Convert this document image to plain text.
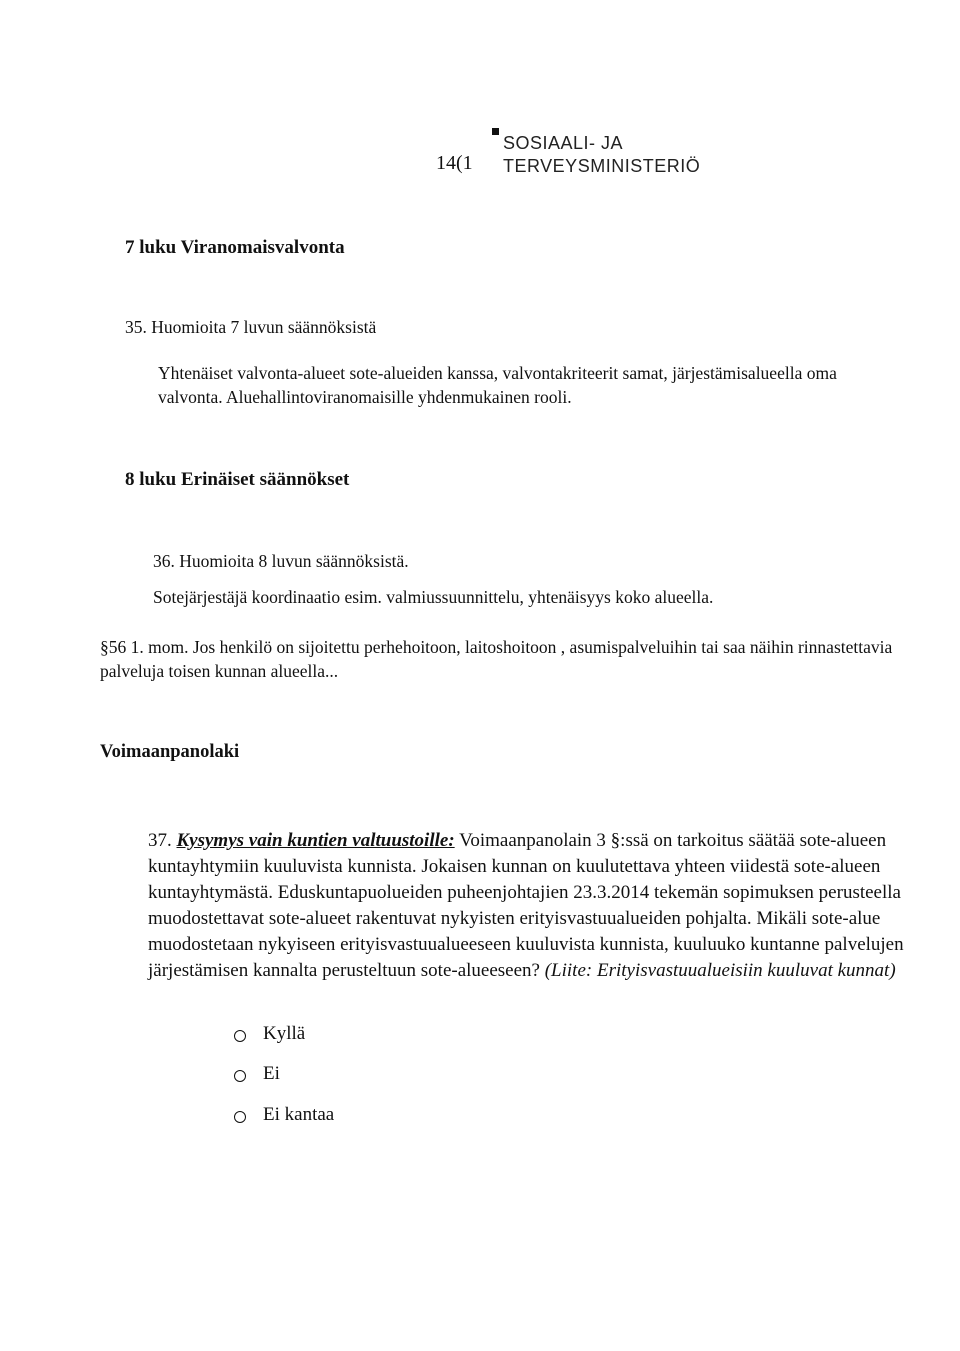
SOSIAALI- JA
14(1 TERVEYSMINISTERIÖ
7 luku Viranomaisvalvonta
35. Huomioita 7 luvun säännöksistä
Yhtenäiset valvonta-alueet sote-alueiden kanssa, valvontakriteerit samat, järjestämisalueella oma valvonta. Aluehallintoviranomaisille yhdenmukainen rooli.
8 luku Erinäiset säännökset
36. Huomioita 8 luvun säännöksistä.
Sotejärjestäjä koordinaatio esim. valmiussuunnittelu, yhtenäisyys koko alueella.
§56 1. mom. Jos henkilö on sijoitettu perhehoitoon, laitoshoitoon , asumispalveluihin tai saa näihin rinnastettavia palveluja toisen kunnan alueella...
Voimaanpanolaki
37. Kysymys vain kuntien valtuustoille: Voimaanpanolain 3 §:ssä on tarkoitus säätää sote-alueen kuntayhtymiin kuuluvista kunnista. Jokaisen kunnan on kuulutettava yhteen viidestä sote-alueen kuntayhtymästä. Eduskuntapuolueiden puheenjohtajien 23.3.2014 tekemän sopimuksen perusteella muodostettavat sote-alueet rakentuvat nykyisten erityisvastuualueiden pohjalta. Mikäli sote-alue muodostetaan nykyiseen erityisvastuualueeseen kuuluvista kunnista, kuuluuko kuntanne palvelujen järjestämisen kannalta perusteltuun sote-alueeseen? (Liite: Erityisvastuualueisiin kuuluvat kunnat)
Kyllä
Ei
Ei kantaa
